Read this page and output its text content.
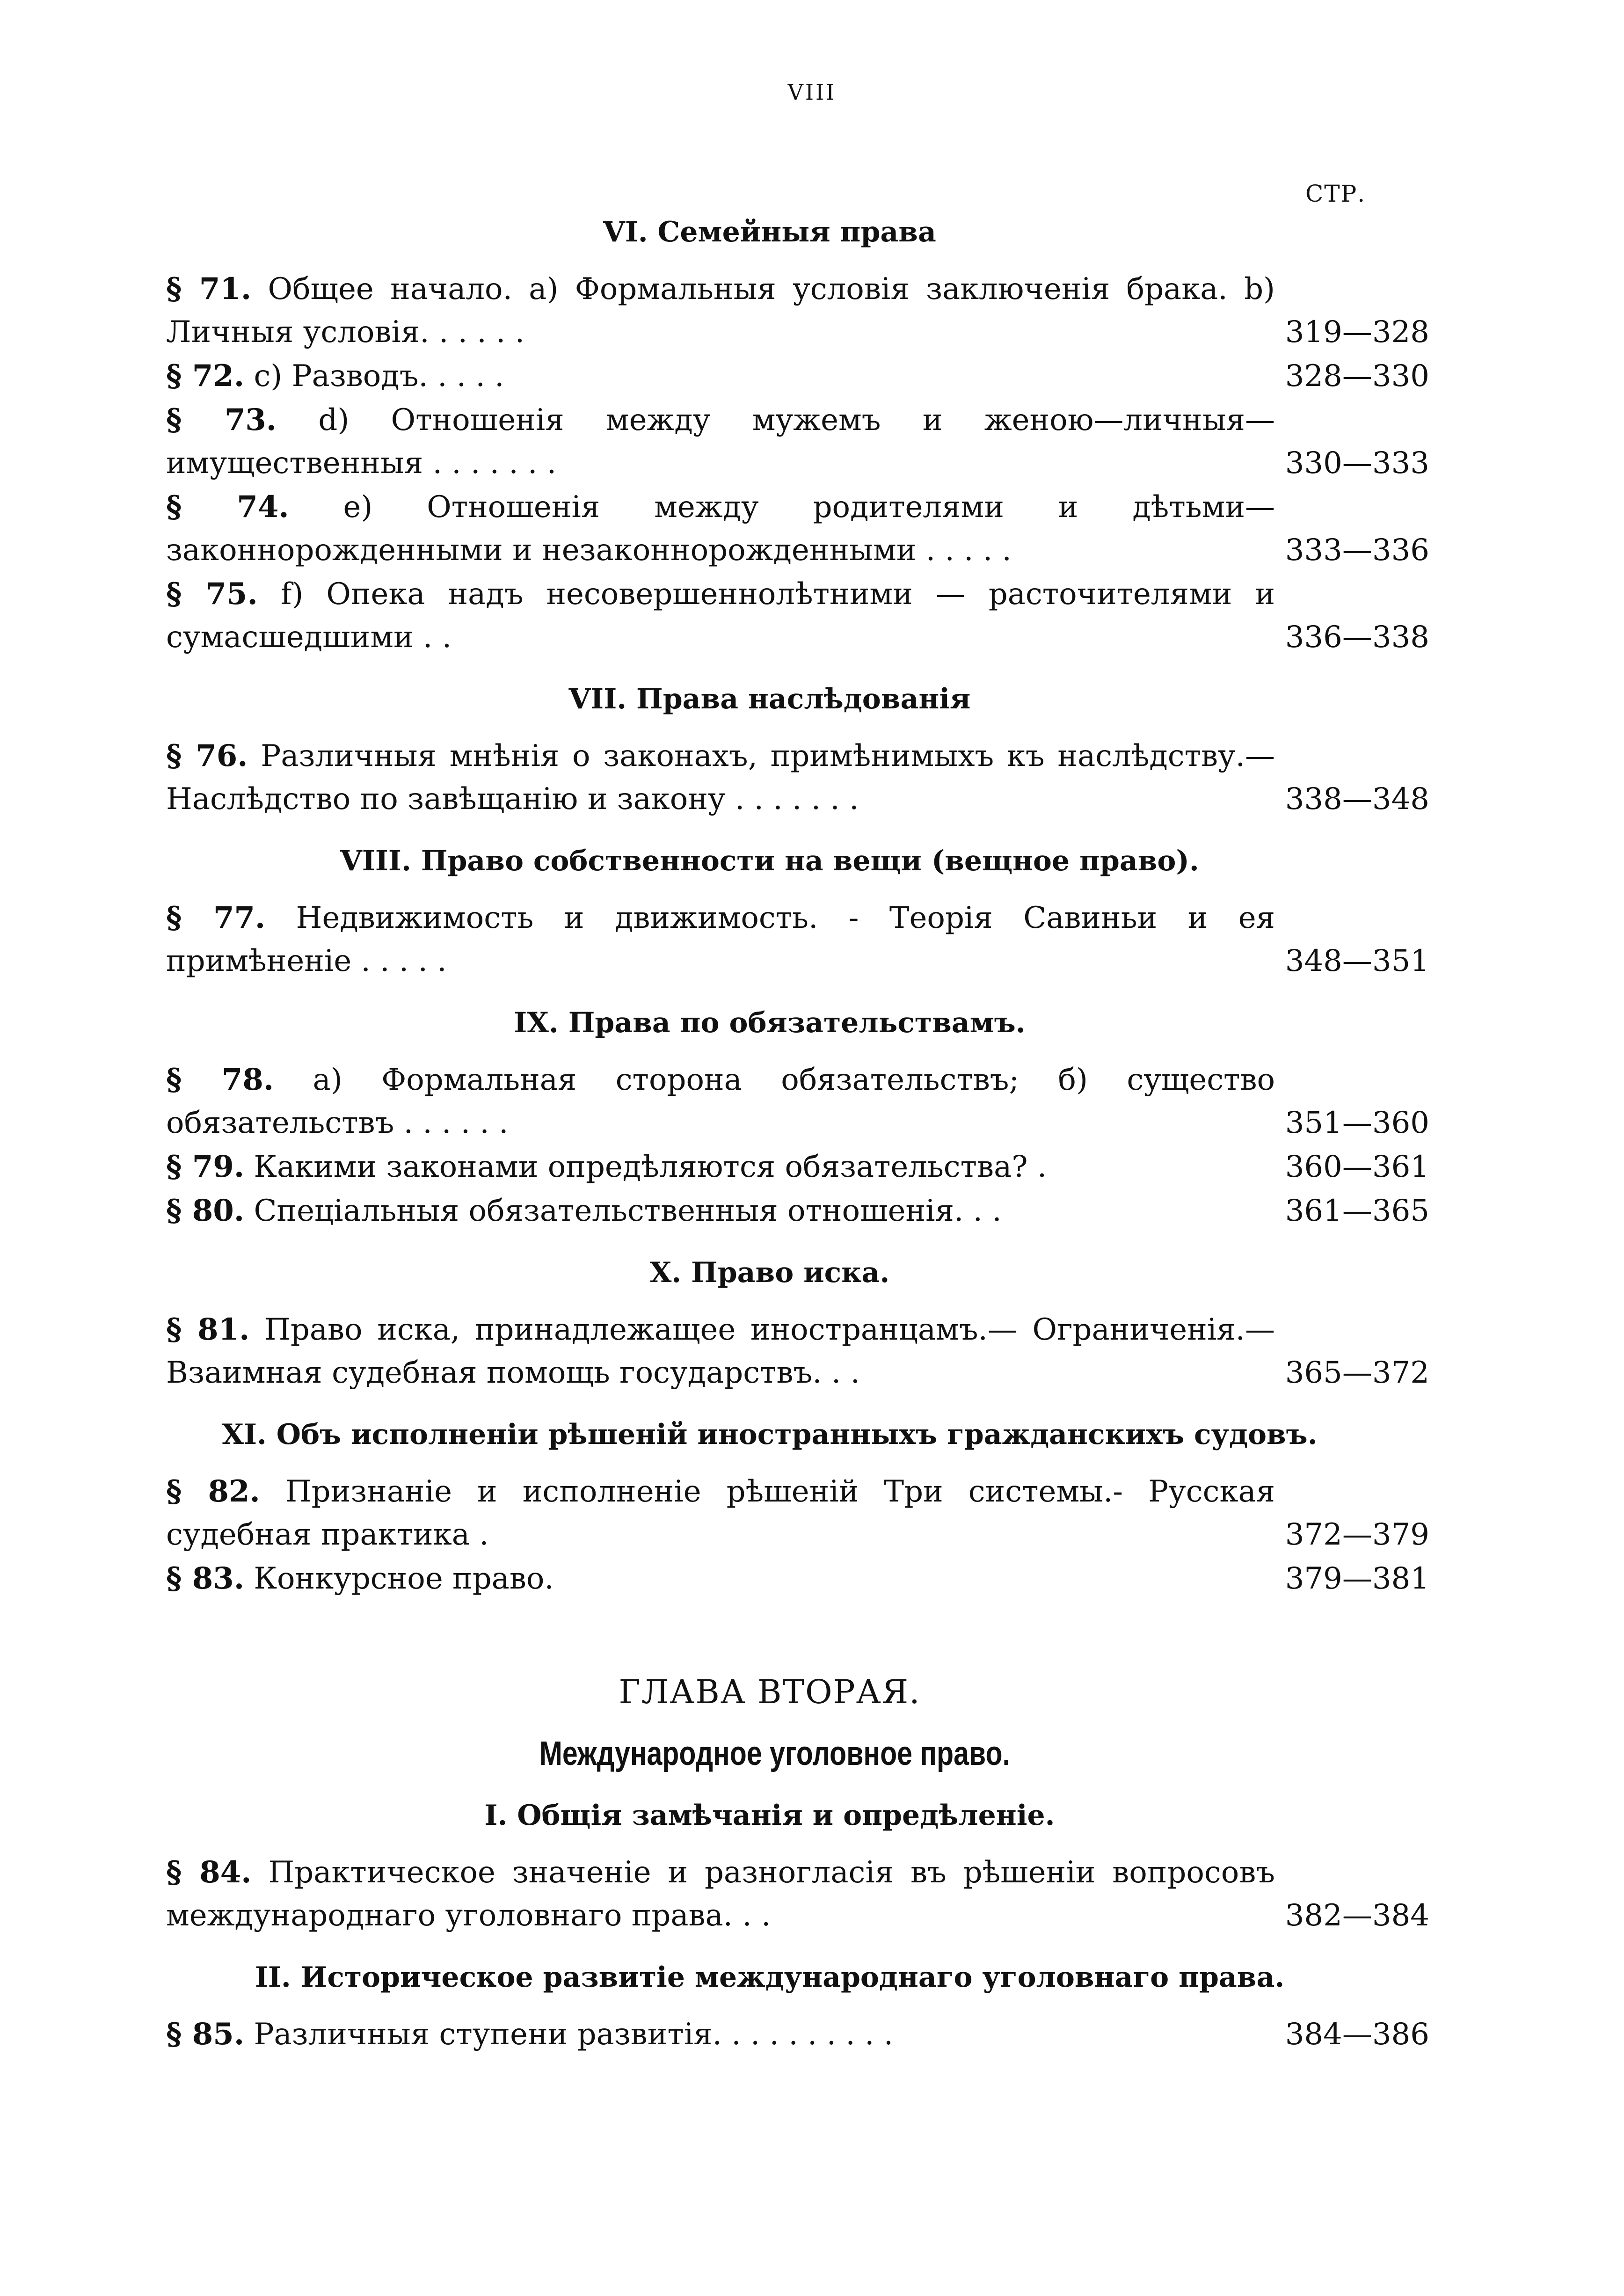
VIII
СТР.
VI. Семейныя права
§ 71. Общее начало. a) Формальныя условія заключенія брака. b) Личныя условія. . . . . .	319—328
§ 72. c) Разводъ. . . . .	328—330
§ 73. d) Отношенія между мужемъ и женою—личныя—имущественныя . . . . . . .	330—333
§ 74. e) Отношенія между родителями и дѣтьми—законнорожденными и незаконнорожденными . . . . .	333—336
§ 75. f) Опека надъ несовершеннолѣтними — расточителями и сумасшедшими . .	336—338
VII. Права наслѣдованія
§ 76. Различныя мнѣнія о законахъ, примѣнимыхъ къ наслѣдству.—Наслѣдство по завѣщанію и закону . . . . . . .	338—348
VIII. Право собственности на вещи (вещное право).
§ 77. Недвижимость и движимость. - Теорія Савиньи и ея примѣненіе . . . . .	348—351
IX. Права по обязательствамъ.
§ 78. a) Формальная сторона обязательствъ; б) существо обязательствъ . . . . . .	351—360
§ 79. Какими законами опредѣляются обязательства? .	360—361
§ 80. Спеціальныя обязательственныя отношенія. . .	361—365
X. Право иска.
§ 81. Право иска, принадлежащее иностранцамъ.— Ограниченія.—Взаимная судебная помощь государствъ. . .	365—372
XI. Объ исполненіи рѣшеній иностранныхъ гражданскихъ судовъ.
§ 82. Признаніе и исполненіе рѣшеній Три системы.- Русская судебная практика .	372—379
§ 83. Конкурсное право.	379—381
ГЛАВА ВТОРАЯ.
Международное уголовное право.
I. Общія замѣчанія и опредѣленіе.
§ 84. Практическое значеніе и разногласія въ рѣшеніи вопросовъ международнаго уголовнаго права. . .	382—384
II. Историческое развитіе международнаго уголовнаго права.
§ 85. Различныя ступени развитія. . . . . . . . . .	384—386
